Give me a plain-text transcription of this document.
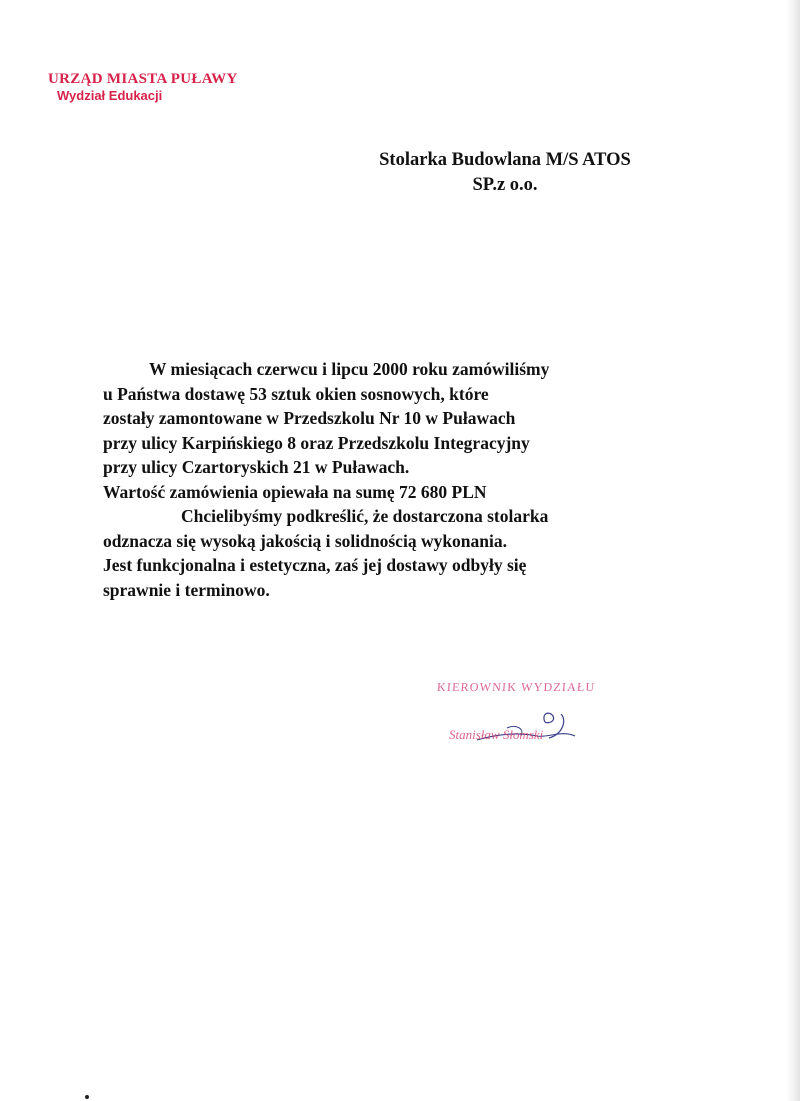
URZĄD MIASTA PUŁAWY
Wydział Edukacji
Stolarka Budowlana M/S ATOS
SP.z o.o.

W miesiącach czerwcu i lipcu 2000 roku zamówiliśmy

u Państwa dostawę 53 sztuk okien sosnowych, które

zostały zamontowane w Przedszkolu Nr 10 w Puławach

przy ulicy Karpińskiego 8 oraz Przedszkolu Integracyjny

przy ulicy Czartoryskich 21 w Puławach.

Wartość zamówienia opiewała na sumę 72 680 PLN

Chcielibyśmy podkreślić, że dostarczona stolarka

odznacza się wysoką jakością i solidnością wykonania.

Jest funkcjonalna i estetyczna, zaś jej dostawy odbyły się

sprawnie i terminowo.

KIEROWNIK WYDZIAŁU
Stanisław Słomski
